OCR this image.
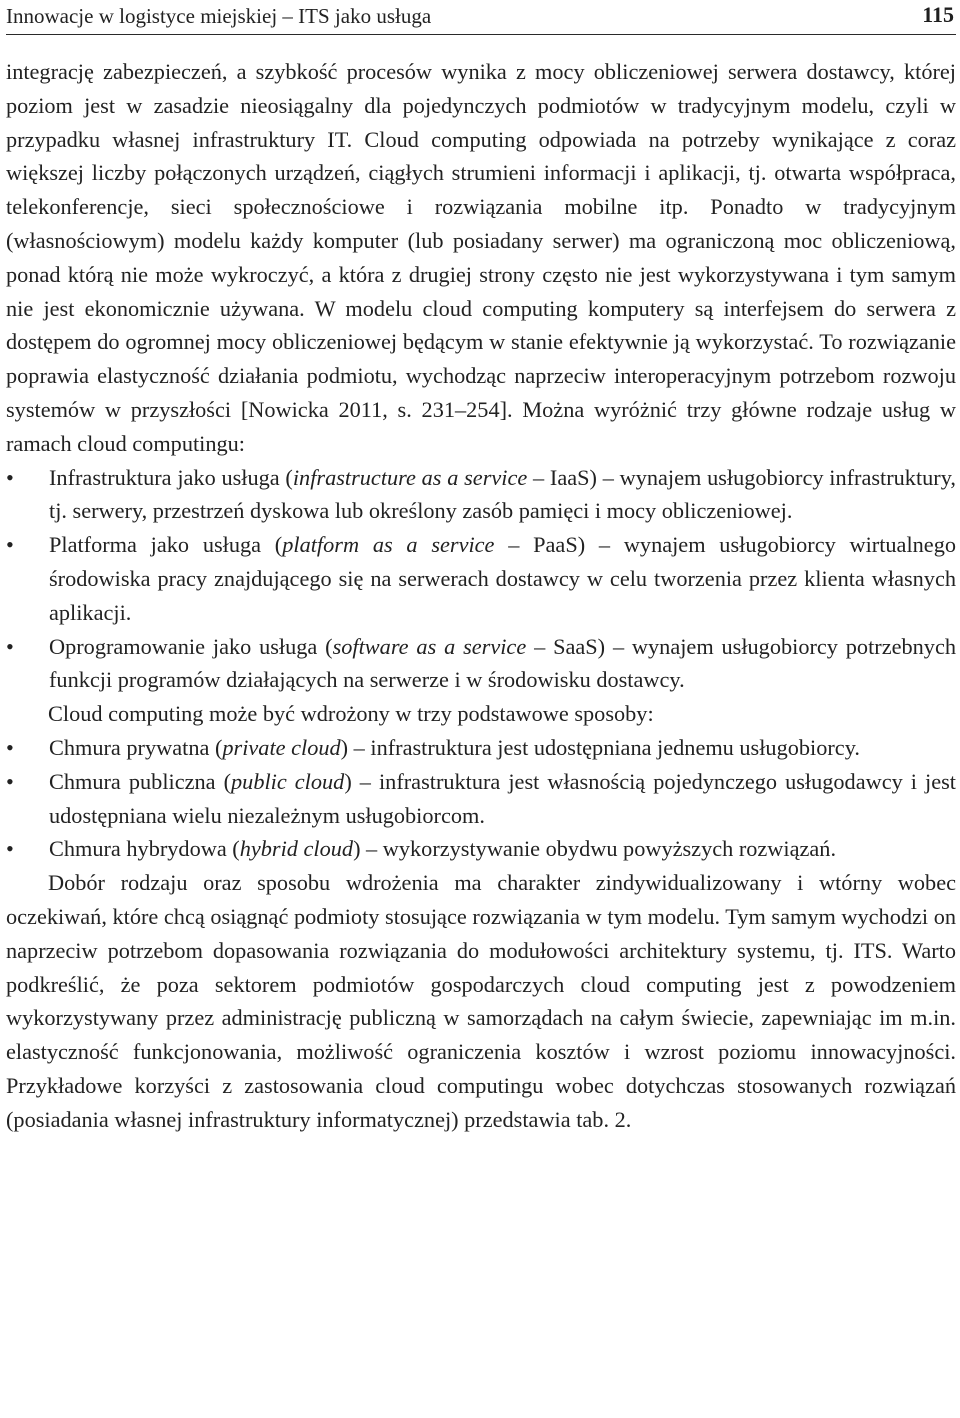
Innowacje w logistyce miejskiej – ITS jako usługa	115

integrację zabezpieczeń, a szybkość procesów wynika z mocy obliczeniowej serwera dostawcy, której poziom jest w zasadzie nieosiągalny dla pojedynczych podmiotów w tradycyjnym modelu, czyli w przypadku własnej infrastruktury IT. Cloud computing odpowiada na potrzeby wynikające z coraz większej liczby połączonych urządzeń, ciągłych strumieni informacji i aplikacji, tj. otwarta współpraca, telekonferencje, sieci społecznościowe i rozwiązania mobilne itp. Ponadto w tradycyjnym (własnościowym) modelu każdy komputer (lub posiadany serwer) ma ograniczoną moc obliczeniową, ponad którą nie może wykroczyć, a która z drugiej strony często nie jest wykorzystywana i tym samym nie jest ekonomicznie używana. W modelu cloud computing komputery są interfejsem do serwera z dostępem do ogromnej mocy obliczeniowej będącym w stanie efektywnie ją wykorzystać. To rozwiązanie poprawia elastyczność działania podmiotu, wychodząc naprzeciw interoperacyjnym potrzebom rozwoju systemów w przyszłości [Nowicka 2011, s. 231–254]. Można wyróżnić trzy główne rodzaje usług w ramach cloud computingu:

•	Infrastruktura jako usługa (infrastructure as a service – IaaS) – wynajem usługobiorcy infrastruktury, tj. serwery, przestrzeń dyskowa lub określony zasób pamięci i mocy obliczeniowej.
•	Platforma jako usługa (platform as a service – PaaS) – wynajem usługobiorcy wirtualnego środowiska pracy znajdującego się na serwerach dostawcy w celu tworzenia przez klienta własnych aplikacji.
•	Oprogramowanie jako usługa (software as a service – SaaS) – wynajem usługobiorcy potrzebnych funkcji programów działających na serwerze i w środowisku dostawcy.

Cloud computing może być wdrożony w trzy podstawowe sposoby:

•	Chmura prywatna (private cloud) – infrastruktura jest udostępniana jednemu usługobiorcy.
•	Chmura publiczna (public cloud) – infrastruktura jest własnością pojedynczego usługodawcy i jest udostępniana wielu niezależnym usługobiorcom.
•	Chmura hybrydowa (hybrid cloud) – wykorzystywanie obydwu powyższych rozwiązań.

Dobór rodzaju oraz sposobu wdrożenia ma charakter zindywidualizowany i wtórny wobec oczekiwań, które chcą osiągnąć podmioty stosujące rozwiązania w tym modelu. Tym samym wychodzi on naprzeciw potrzebom dopasowania rozwiązania do modułowości architektury systemu, tj. ITS. Warto podkreślić, że poza sektorem podmiotów gospodarczych cloud computing jest z powodzeniem wykorzystywany przez administrację publiczną w samorządach na całym świecie, zapewniając im m.in. elastyczność funkcjonowania, możliwość ograniczenia kosztów i wzrost poziomu innowacyjności. Przykładowe korzyści z zastosowania cloud computingu wobec dotychczas stosowanych rozwiązań (posiadania własnej infrastruktury informatycznej) przedstawia tab. 2.
